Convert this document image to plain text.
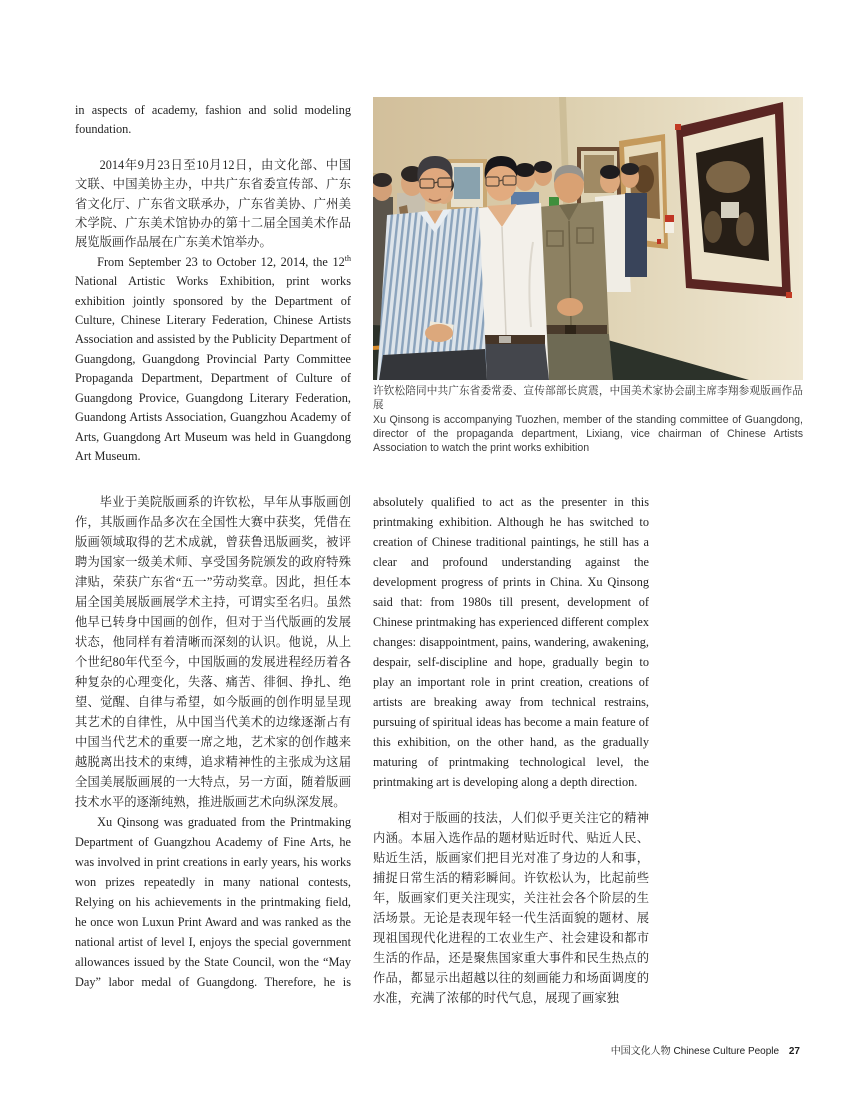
in aspects of academy, fashion and solid modeling foundation.

2014年9月23日至10月12日，由文化部、中国文联、中国美协主办，中共广东省委宣传部、广东省文化厅、广东省文联承办，广东省美协、广州美术学院、广东美术馆协办的第十二届全国美术作品展览版画作品展在广东美术馆举办。

From September 23 to October 12, 2014, the 12th National Artistic Works Exhibition, print works exhibition jointly sponsored by the Department of Culture, Chinese Literary Federation, Chinese Artists Association and assisted by the Publicity Department of Guangdong, Guangdong Provincial Party Committee Propaganda Department, Department of Culture of Guangdong Provice, Guangdong Literary Federation, Guandong Artists Association, Guangzhou Academy of Arts, Guangdong Art Museum was held in Guangdong Art Museum.

许钦松陪同中共广东省委常委、宣传部部长庹震，中国美术家协会副主席李翔参观版画作品展
Xu Qinsong is accompanying Tuozhen, member of the standing committee of Guangdong, director of the propaganda department, Lixiang, vice chairman of Chinese Artists Association to watch the print works exhibition

毕业于美院版画系的许钦松，早年从事版画创作，其版画作品多次在全国性大赛中获奖，凭借在版画领域取得的艺术成就，曾获鲁迅版画奖，被评聘为国家一级美术师、享受国务院颁发的政府特殊津贴，荣获广东省“五一”劳动奖章。因此，担任本届全国美展版画展学术主持，可谓实至名归。虽然他早已转身中国画的创作，但对于当代版画的发展状态，他同样有着清晰而深刻的认识。他说，从上个世纪80年代至今，中国版画的发展进程经历着各种复杂的心理变化，失落、痛苦、徘徊、挣扎、绝望、觉醒、自律与希望，如今版画的创作明显呈现其艺术的自律性，从中国当代美术的边缘逐渐占有中国当代艺术的重要一席之地，艺术家的创作越来越脱离出技术的束缚，追求精神性的主张成为这届全国美展版画展的一大特点，另一方面，随着版画技术水平的逐渐纯熟，推进版画艺术向纵深发展。

Xu Qinsong was graduated from the Printmaking Department of Guangzhou Academy of Fine Arts, he was involved in print creations in early years, his works won prizes repeatedly in many national contests, Relying on his achievements in the printmaking field, he once won Luxun Print Award and was ranked as the national artist of level I, enjoys the special government allowances issued by the State Council, won the “May Day” labor medal of Guangdong. Therefore, he is absolutely qualified to act as the presenter in this printmaking exhibition. Although he has switched to creation of Chinese traditional paintings, he still has a clear and profound understanding against the development progress of prints in China. Xu Qinsong said that: from 1980s till present, development of Chinese printmaking has experienced different complex changes: disappointment, pains, wandering, awakening, despair, self-discipline and hope, gradually begin to play an important role in print creation, creations of artists are breaking away from technical restrains, pursuing of spiritual ideas has become a main feature of this exhibition, on the other hand, as the gradually maturing of printmaking technological level, the printmaking art is developing along a depth direction.

相对于版画的技法，人们似乎更关注它的精神内涵。本届入选作品的题材贴近时代、贴近人民、贴近生活，版画家们把目光对准了身边的人和事，捕捉日常生活的精彩瞬间。许钦松认为，比起前些年，版画家们更关注现实，关注社会各个阶层的生活场景。无论是表现年轻一代生活面貌的题材、展现祖国现代化进程的工农业生产、社会建设和都市生活的作品，还是聚焦国家重大事件和民生热点的作品，都显示出超越以往的刻画能力和场面调度的水准，充满了浓郁的时代气息，展现了画家独

中国文化人物 Chinese Culture People 27
